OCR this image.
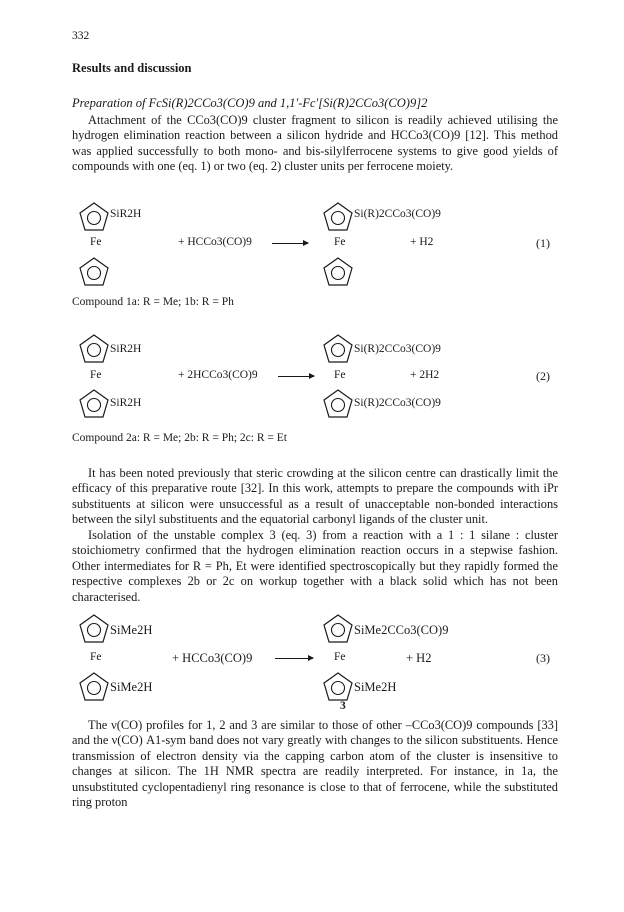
332
Results and discussion
Preparation of FcSi(R)2CCo3(CO)9 and 1,1′-Fc′[Si(R)2CCo3(CO)9]2

Attachment of the CCo3(CO)9 cluster fragment to silicon is readily achieved utilising the hydrogen elimination reaction between a silicon hydride and HCCo3(CO)9 [12]. This method was applied successfully to both mono- and bis-silylferrocene systems to give good yields of compounds with one (eq. 1) or two (eq. 2) cluster units per ferrocene moiety.

SiR2H
Fe	+ HCCo3(CO)9 →
Si(R)2CCo3(CO)9
Fe	+ H2	(1)
Compound 1a: R = Me; 1b: R = Ph
SiR2H
Fe
SiR2H
+ 2HCCo3(CO)9 →
Si(R)2CCo3(CO)9
Fe
Si(R)2CCo3(CO)9
+ 2H2	(2)
Compound 2a: R = Me; 2b: R = Ph; 2c: R = Et

It has been noted previously that steric crowding at the silicon centre can drastically limit the efficacy of this preparative route [32]. In this work, attempts to prepare the compounds with iPr substituents at silicon were unsuccessful as a result of unacceptable non-bonded interactions between the silyl substituents and the equatorial carbonyl ligands of the cluster unit.

Isolation of the unstable complex 3 (eq. 3) from a reaction with a 1 : 1 silane : cluster stoichiometry confirmed that the hydrogen elimination reaction occurs in a stepwise fashion. Other intermediates for R = Ph, Et were identified spectroscopically but they rapidly formed the respective complexes 2b or 2c on workup together with a black solid which has not been characterised.

SiMe2H
Fe
SiMe2H
+ HCCo3(CO)9 →
SiMe2CCo3(CO)9
Fe
SiMe2H
3
+ H2	(3)

The ν(CO) profiles for 1, 2 and 3 are similar to those of other –CCo3(CO)9 compounds [33] and the ν(CO) A1-sym band does not vary greatly with changes to the silicon substituents. Hence transmission of electron density via the capping carbon atom of the cluster is insensitive to changes at silicon. The 1H NMR spectra are readily interpreted. For instance, in 1a, the unsubstituted cyclopentadienyl ring resonance is close to that of ferrocene, while the substituted ring proton
